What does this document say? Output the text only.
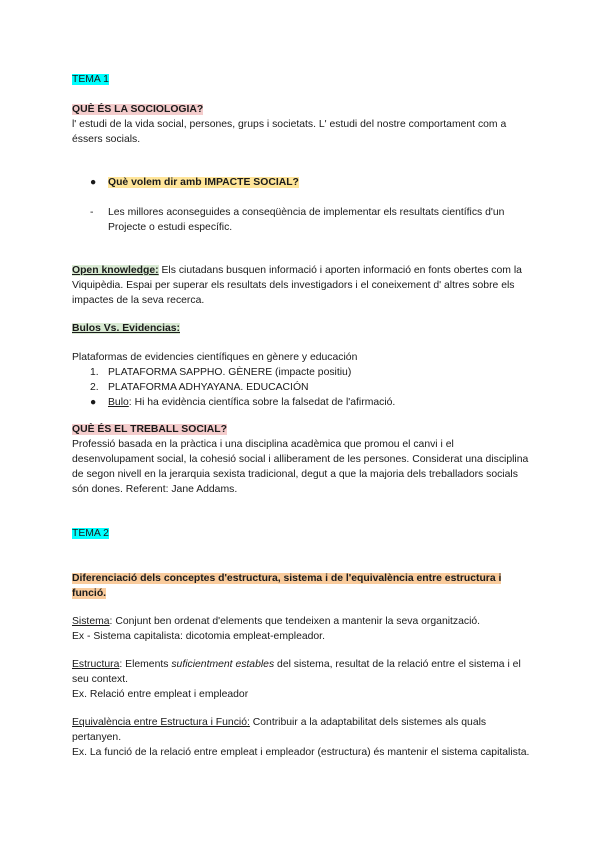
TEMA 1

QUÈ ÉS LA SOCIOLOGIA?

l' estudi de la vida social, persones, grups i societats. L' estudi del nostre comportament com a éssers socials.

● Què volem dir amb IMPACTE SOCIAL?
- Les millores aconseguides a conseqüència de implementar els resultats científics d'un Projecte o estudi específic.

Open knowledge: Els ciutadans busquen informació i aporten informació en fonts obertes com la Viquipèdia. Espai per superar els resultats dels investigadors i el coneixement d' altres sobre els impactes de la seva recerca.

Bulos Vs. Evidencias:

Plataformas de evidencies científiques en gènere y educación

1. PLATAFORMA SAPPHO. GÈNERE (impacte positiu)
2. PLATAFORMA ADHYAYANA. EDUCACIÓN
● Bulo: Hi ha evidència científica sobre la falsedat de l'afirmació.

QUÈ ÉS EL TREBALL SOCIAL?

Professió basada en la pràctica i una disciplina acadèmica que promou el canvi i el desenvolupament social, la cohesió social i alliberament de les persones. Considerat una disciplina de segon nivell en la jerarquia sexista tradicional, degut a que la majoria dels treballadors socials són dones. Referent: Jane Addams.

TEMA 2

Diferenciació dels conceptes d'estructura, sistema i de l'equivalència entre estructura i funció.

Sistema: Conjunt ben ordenat d'elements que tendeixen a mantenir la seva organització.

Ex - Sistema capitalista: dicotomia empleat-empleador.

Estructura: Elements suficientment estables del sistema, resultat de la relació entre el sistema i el seu context.

Ex. Relació entre empleat i empleador

Equivalència entre Estructura i Funció: Contribuir a la adaptabilitat dels sistemes als quals pertanyen.

Ex. La funció de la relació entre empleat i empleador (estructura) és mantenir el sistema capitalista.
